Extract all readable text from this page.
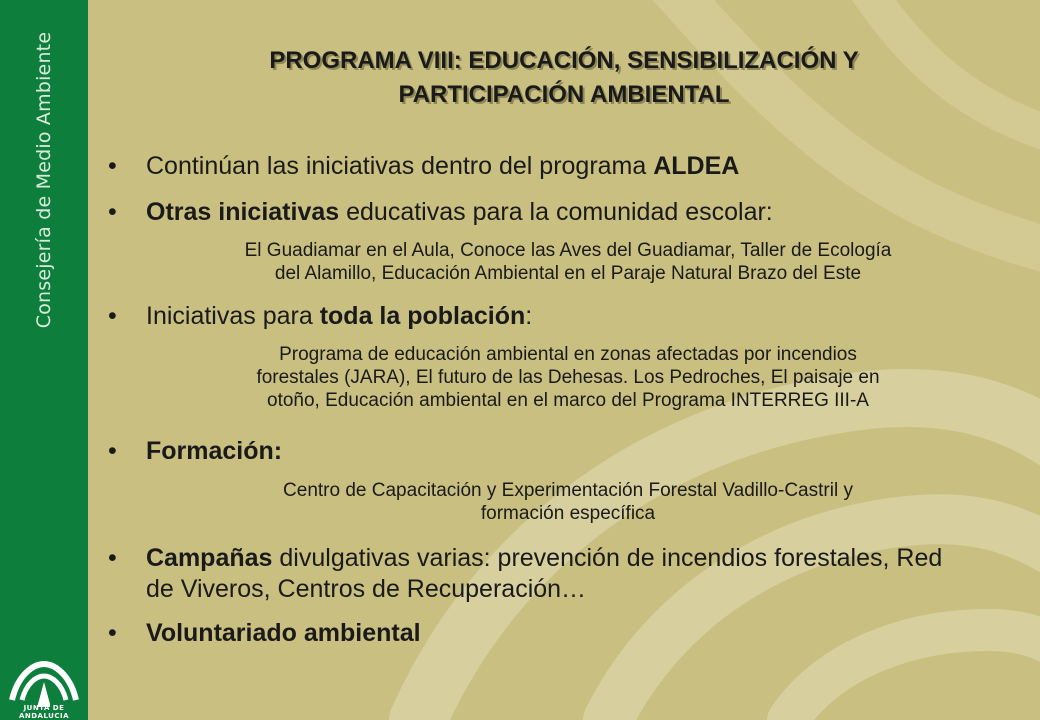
Consejería de Medio Ambiente
JUNTA DE ANDALUCIA
PROGRAMA VIII: EDUCACIÓN, SENSIBILIZACIÓN Y
PARTICIPACIÓN AMBIENTAL
• Continúan las iniciativas dentro del programa ALDEA
• Otras iniciativas educativas para la comunidad escolar:
El Guadiamar en el Aula, Conoce las Aves del Guadiamar, Taller de Ecología
del Alamillo, Educación Ambiental en el Paraje Natural Brazo del Este
• Iniciativas para toda la población:
Programa de educación ambiental en zonas afectadas por incendios
forestales (JARA), El futuro de las Dehesas. Los Pedroches, El paisaje en
otoño, Educación ambiental en el marco del Programa INTERREG III-A
• Formación:
Centro de Capacitación y Experimentación Forestal Vadillo-Castril y
formación específica
• Campañas divulgativas varias: prevención de incendios forestales, Red de Viveros, Centros de Recuperación…
• Voluntariado ambiental
